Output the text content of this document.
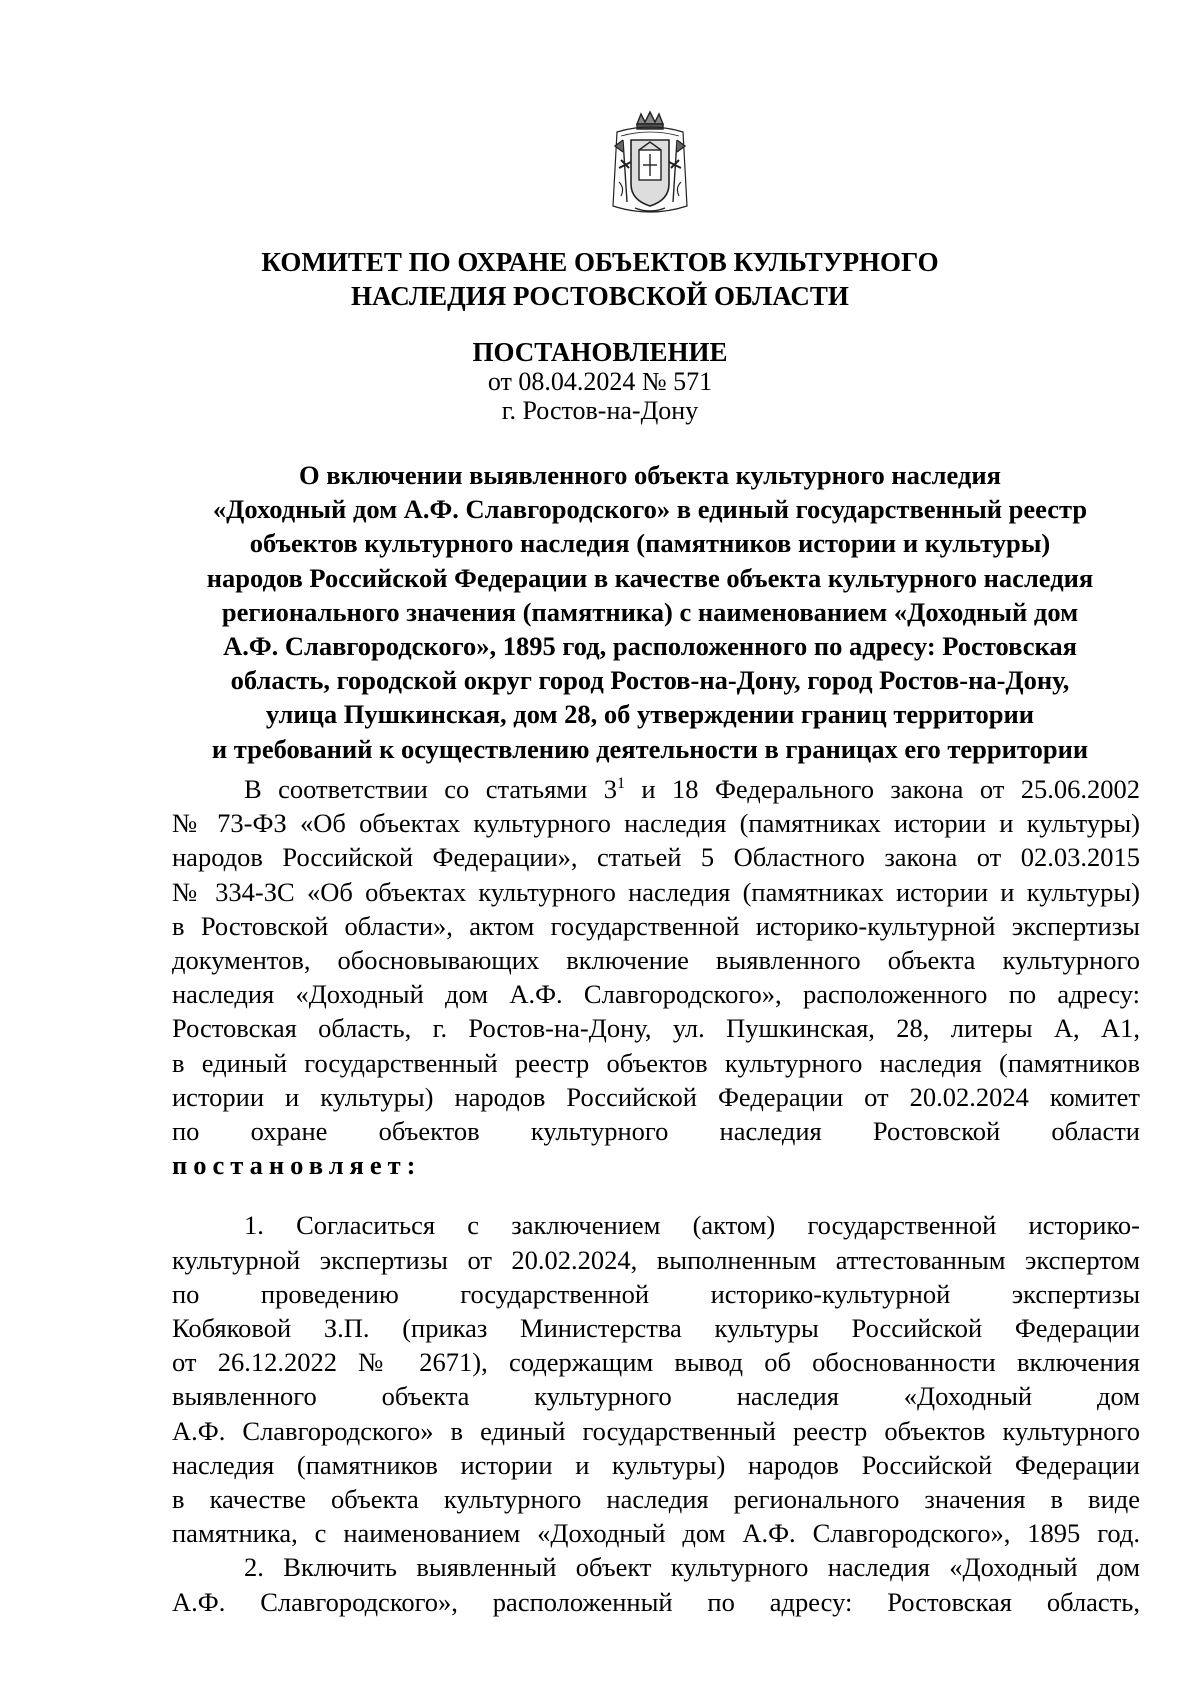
КОМИТЕТ ПО ОХРАНЕ ОБЪЕКТОВ КУЛЬТУРНОГО
НАСЛЕДИЯ РОСТОВСКОЙ ОБЛАСТИ
ПОСТАНОВЛЕНИЕ
от 08.04.2024 № 571
г. Ростов-на-Дону
О включении выявленного объекта культурного наследия
«Доходный дом А.Ф. Славгородского» в единый государственный реестр
объектов культурного наследия (памятников истории и культуры)
народов Российской Федерации в качестве объекта культурного наследия
регионального значения (памятника) с наименованием «Доходный дом
А.Ф. Славгородского», 1895 год, расположенного по адресу: Ростовская
область, городской округ город Ростов-на-Дону, город Ростов-на-Дону,
улица Пушкинская, дом 28, об утверждении границ территории
и требований к осуществлению деятельности в границах его территории
В соответствии со статьями $3^1$ и 18 Федерального закона от 25.06.2002
№ 73-ФЗ «Об объектах культурного наследия (памятниках истории и культуры)
народов Российской Федерации», статьей 5 Областного закона от 02.03.2015
№ 334-ЗС «Об объектах культурного наследия (памятниках истории и культуры)
в Ростовской области», актом государственной историко-культурной экспертизы
документов, обосновывающих включение выявленного объекта культурного
наследия «Доходный дом А.Ф. Славгородского», расположенного по адресу:
Ростовская область, г. Ростов-на-Дону, ул. Пушкинская, 28, литеры А, А1,
в единый государственный реестр объектов культурного наследия (памятников
истории и культуры) народов Российской Федерации от 20.02.2024 комитет
по охране объектов культурного наследия Ростовской области
постановляет:
1. Согласиться с заключением (актом) государственной историко-
культурной экспертизы от 20.02.2024, выполненным аттестованным экспертом
по проведению государственной историко-культурной экспертизы
Кобяковой З.П. (приказ Министерства культуры Российской Федерации
от 26.12.2022 № 2671), содержащим вывод об обоснованности включения
выявленного объекта культурного наследия «Доходный дом
А.Ф. Славгородского» в единый государственный реестр объектов культурного
наследия (памятников истории и культуры) народов Российской Федерации
в качестве объекта культурного наследия регионального значения в виде
памятника, с наименованием «Доходный дом А.Ф. Славгородского», 1895 год.
2. Включить выявленный объект культурного наследия «Доходный дом
А.Ф. Славгородского», расположенный по адресу: Ростовская область,
